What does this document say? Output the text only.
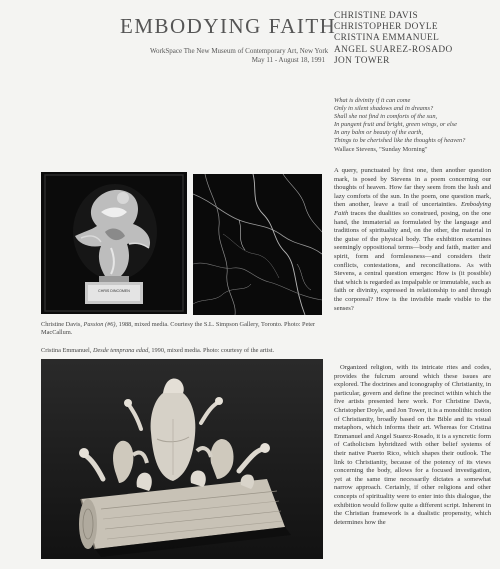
EMBODYING FAITH
WorkSpace The New Museum of Contemporary Art, New York
May 11 - August 18, 1991
CHRISTINE DAVIS
CHRISTOPHER DOYLE
CRISTINA EMMANUEL
ANGEL SUAREZ-ROSADO
JON TOWER
What is divinity if it can come
Only in silent shadows and in dreams?
Shall she not find in comforts of the sun,
In pungent fruit and bright, green wings, or else
In any balm or beauty of the earth,
Things to be cherished like the thoughts of heaven?
Wallace Stevens, "Sunday Morning"
A query, punctuated by first one, then another question mark, is posed by Stevens in a poem concerning our thoughts of heaven. How far they seem from the lush and lazy comforts of the sun. In the poem, one question mark, then another, leave a trail of uncertainties. Embodying Faith traces the dualities so construed, posing, on the one hand, the immaterial as formulated by the language and traditions of spirituality and, on the other, the material in the guise of the physical body. The exhibition examines seemingly oppositional terms—body and faith, matter and spirit, form and formlessness—and considers their conflicts, contestations, and reconciliations. As with Stevens, a central question emerges: How is (it possible) that which is regarded as impalpable or immutable, such as faith or divinity, expressed in relationship to and through the corporeal? How is the invisible made visible to the senses?
Organized religion, with its intricate rites and codes, provides the fulcrum around which these issues are explored. The doctrines and iconography of Christianity, in particular, govern and define the precinct within which the five artists presented here work. For Christine Davis, Christopher Doyle, and Jon Tower, it is a monolithic notion of Christianity, broadly based on the Bible and its visual metaphors, which informs their art. Whereas for Cristina Emmanuel and Angel Suarez-Rosado, it is a syncretic form of Catholicism hybridized with other belief systems of their native Puerto Rico, which shapes their outlook. The link to Christianity, because of the potency of its views concerning the body, allows for a focused investigation, yet at the same time necessarily dictates a somewhat narrow approach. Certainly, if other religions and other concepts of spirituality were to enter into this dialogue, the exhibition would follow quite a different script. Inherent in the Christian framework is a dualistic propensity, which determines how the
CHRIS DINCOMEN
Christine Davis, Passion (#6), 1988, mixed media. Courtesy the S.L. Simpson Gallery, Toronto. Photo: Peter MacCallum.
Cristina Emmanuel, Desde temprana edad, 1990, mixed media. Photo: courtesy of the artist.
